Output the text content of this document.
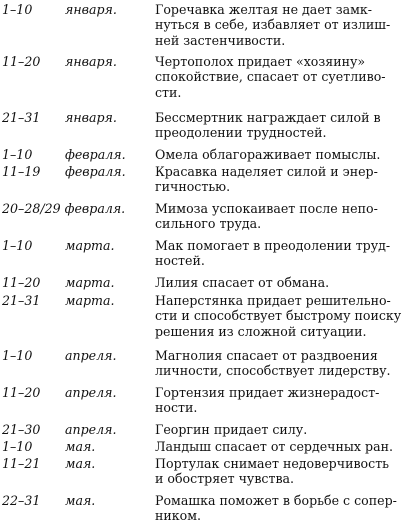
1–10	января.	Горечавка желтая не дает замк-
нуться в себе, избавляет от излиш-
ней застенчивости.
11–20 января.	Чертополох придает «хозяину»
спокойствие, спасает от суетливо-
сти.
21–31 января.	Бессмертник награждает силой в
преодолении трудностей.
1–10	февраля.	Омела облагораживает помыслы.
11–19 февраля.	Красавка наделяет силой и энер-
гичностью.
20–28/29 февраля.	Мимоза успокаивает после непо-
сильного труда.
1–10	марта.	Мак помогает в преодолении труд-
ностей.
11–20 марта.	Лилия спасает от обмана.
21–31 марта.	Наперстянка придает решительно-
сти и способствует быстрому поиску
решения из сложной ситуации.
1–10	апреля.	Магнолия спасает от раздвоения
личности, способствует лидерству.
11–20 апреля.	Гортензия придает жизнерадост-
ности.
21–30 апреля.	Георгин придает силу.
1–10	мая.	Ландыш спасает от сердечных ран.
11–21 мая.	Портулак снимает недоверчивость
и обостряет чувства.
22–31 мая.	Ромашка поможет в борьбе с сопер-
ником.
